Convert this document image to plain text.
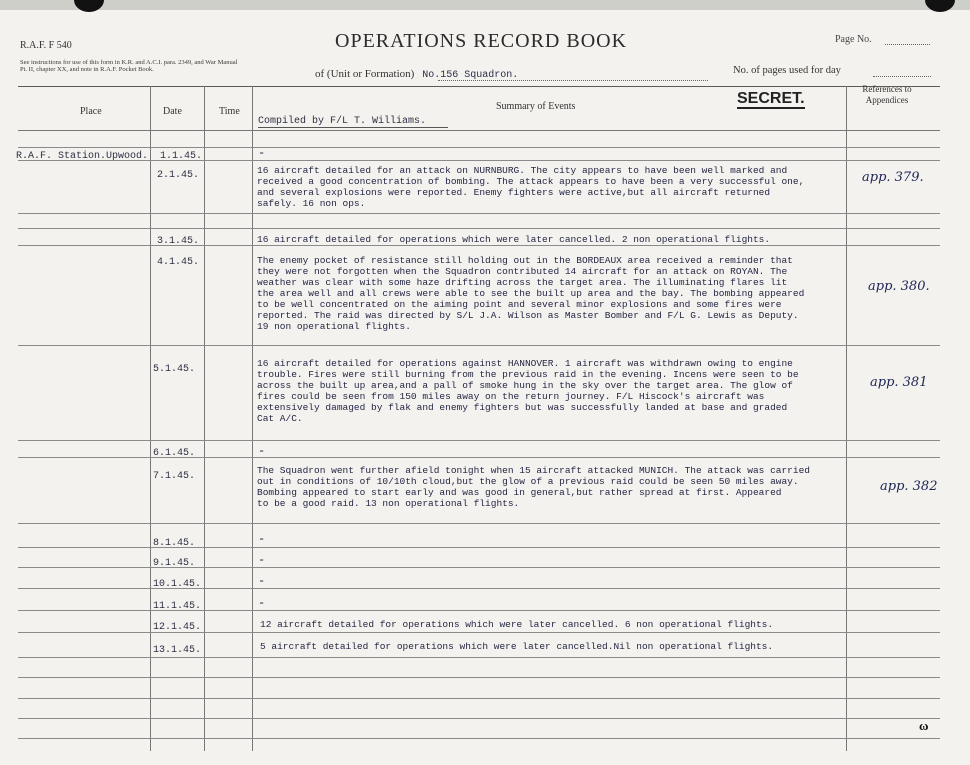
R.A.F. F 540
See instructions for use of this form in K.R. and A.C.I. para. 2349, and War Manual Pt. II, chapter XX, and note in R.A.F. Pocket Book.
OPERATIONS RECORD BOOK
of (Unit or Formation) No.156 Squadron.
Page No.
No. of pages used for day
Place	Date	Time	Summary of Events
References to Appendices
SECRET.
Compiled by F/L T. Williams.
R.A.F. Station.Upwood. 1.1.45.	-
2.1.45.	16 aircraft detailed for an attack on NURNBURG. The city appears to have been well marked and
received a good concentration of bombing. The attack appears to have been a very successful one,
and several explosions were reported. Enemy fighters were active,but all aircraft returned
safely. 16 non ops.
app. 379.
3.1.45.	16 aircraft detailed for operations which were later cancelled. 2 non operational flights.
4.1.45.	The enemy pocket of resistance still holding out in the BORDEAUX area received a reminder that
they were not forgotten when the Squadron contributed 14 aircraft for an attack on ROYAN. The
weather was clear with some haze drifting across the target area. The illuminating flares lit
the area well and all crews were able to see the built up area and the bay. The bombing appeared
to be well concentrated on the aiming point and several minor explosions and some fires were
reported. The raid was directed by S/L J.A. Wilson as Master Bomber and F/L G. Lewis as Deputy.
19 non operational flights.
app. 380.
5.1.45.
16 aircraft detailed for operations against HANNOVER. 1 aircraft was withdrawn owing to engine
trouble. Fires were still burning from the previous raid in the evening. Incens were seen to be
across the built up area,and a pall of smoke hung in the sky over the target area. The glow of
fires could be seen from 150 miles away on the return journey. F/L Hiscock's aircraft was
extensively damaged by flak and enemy fighters but was successfully landed at base and graded
Cat A/C.
app. 381
6.1.45.	-
7.1.45.
The Squadron went further afield tonight when 15 aircraft attacked MUNICH. The attack was carried
out in conditions of 10/10th cloud,but the glow of a previous raid could be seen 50 miles away.
Bombing appeared to start early and was good in general,but rather spread at first. Appeared
to be a good raid. 13 non operational flights.
app. 382
8.1.45.	-
9.1.45.	-
10.1.45.	-
11.1.45.	-
12.1.45.	12 aircraft detailed for operations which were later cancelled. 6 non operational flights.
13.1.45.	5 aircraft detailed for operations which were later cancelled.Nil non operational flights.
ω
